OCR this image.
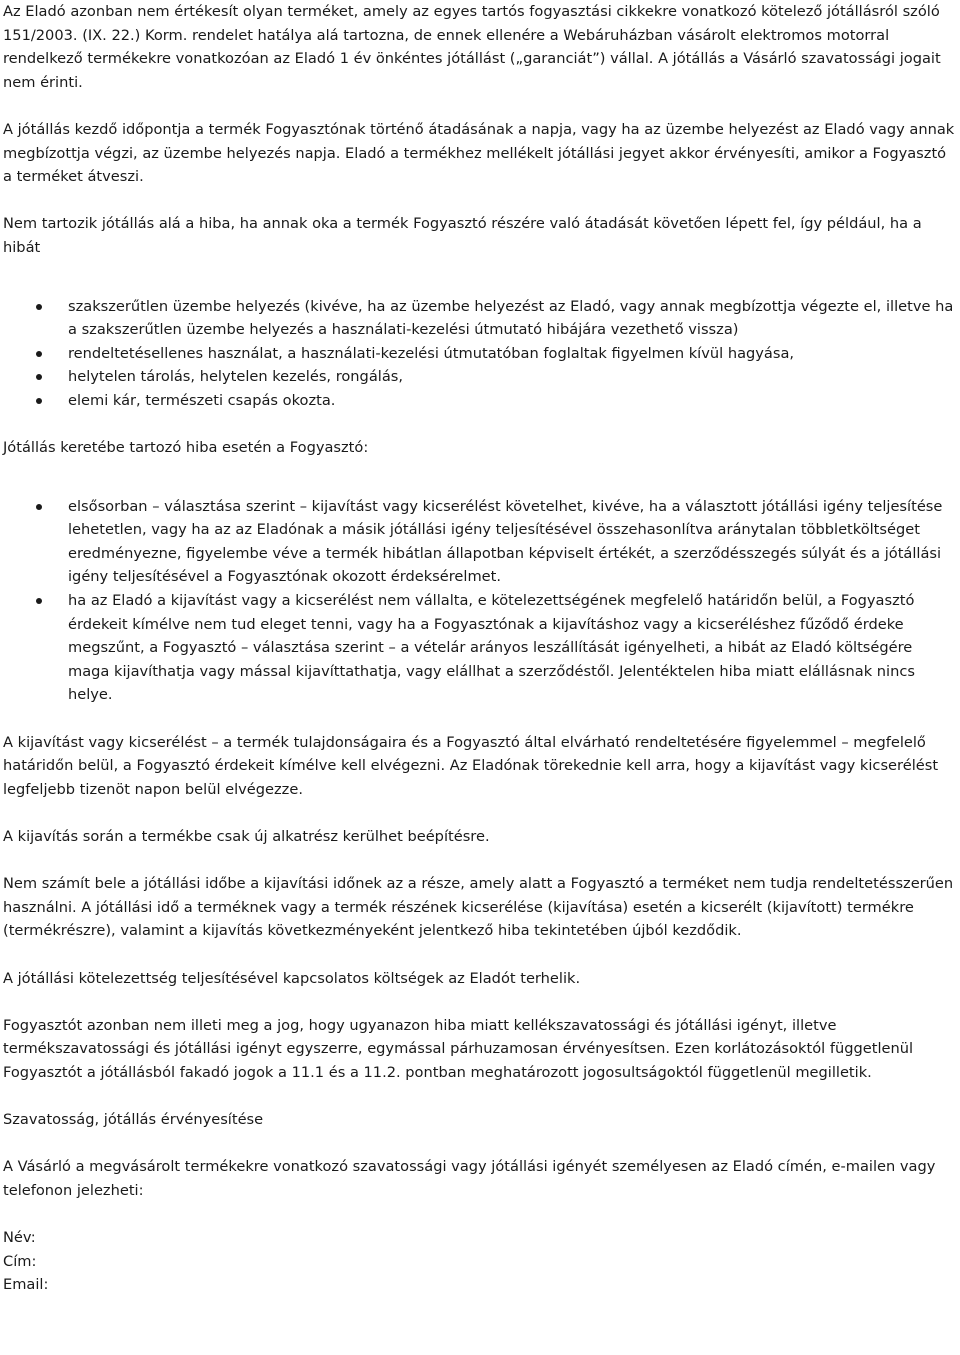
Az Eladó azonban nem értékesít olyan terméket, amely az egyes tartós fogyasztási cikkekre vonatkozó kötelező jótállásról szóló 151/2003. (IX. 22.) Korm. rendelet hatálya alá tartozna, de ennek ellenére a Webáruházban vásárolt elektromos motorral rendelkező termékekre vonatkozóan az Eladó 1 év önkéntes jótállást („garanciát”) vállal. A jótállás a Vásárló szavatossági jogait nem érinti.

A jótállás kezdő időpontja a termék Fogyasztónak történő átadásának a napja, vagy ha az üzembe helyezést az Eladó vagy annak megbízottja végzi, az üzembe helyezés napja. Eladó a termékhez mellékelt jótállási jegyet akkor érvényesíti, amikor a Fogyasztó a terméket átveszi.

Nem tartozik jótállás alá a hiba, ha annak oka a termék Fogyasztó részére való átadását követően lépett fel, így például, ha a hibát

szakszerűtlen üzembe helyezés (kivéve, ha az üzembe helyezést az Eladó, vagy annak megbízottja végezte el, illetve ha a szakszerűtlen üzembe helyezés a használati-kezelési útmutató hibájára vezethető vissza)
rendeltetésellenes használat, a használati-kezelési útmutatóban foglaltak figyelmen kívül hagyása,
helytelen tárolás, helytelen kezelés, rongálás,
elemi kár, természeti csapás okozta.

Jótállás keretébe tartozó hiba esetén a Fogyasztó:

elsősorban – választása szerint – kijavítást vagy kicserélést követelhet, kivéve, ha a választott jótállási igény teljesítése lehetetlen, vagy ha az az Eladónak a másik jótállási igény teljesítésével összehasonlítva aránytalan többletköltséget eredményezne, figyelembe véve a termék hibátlan állapotban képviselt értékét, a szerződésszegés súlyát és a jótállási igény teljesítésével a Fogyasztónak okozott érdeksérelmet.
ha az Eladó a kijavítást vagy a kicserélést nem vállalta, e kötelezettségének megfelelő határidőn belül, a Fogyasztó érdekeit kímélve nem tud eleget tenni, vagy ha a Fogyasztónak a kijavításhoz vagy a kicseréléshez fűződő érdeke megszűnt, a Fogyasztó – választása szerint – a vételár arányos leszállítását igényelheti, a hibát az Eladó költségére maga kijavíthatja vagy mással kijavíttathatja, vagy elállhat a szerződéstől. Jelentéktelen hiba miatt elállásnak nincs helye.

A kijavítást vagy kicserélést – a termék tulajdonságaira és a Fogyasztó által elvárható rendeltetésére figyelemmel – megfelelő határidőn belül, a Fogyasztó érdekeit kímélve kell elvégezni. Az Eladónak törekednie kell arra, hogy a kijavítást vagy kicserélést legfeljebb tizenöt napon belül elvégezze.

A kijavítás során a termékbe csak új alkatrész kerülhet beépítésre.

Nem számít bele a jótállási időbe a kijavítási időnek az a része, amely alatt a Fogyasztó a terméket nem tudja rendeltetésszerűen használni. A jótállási idő a terméknek vagy a termék részének kicserélése (kijavítása) esetén a kicserélt (kijavított) termékre (termékrészre), valamint a kijavítás következményeként jelentkező hiba tekintetében újból kezdődik.

A jótállási kötelezettség teljesítésével kapcsolatos költségek az Eladót terhelik.

Fogyasztót azonban nem illeti meg a jog, hogy ugyanazon hiba miatt kellékszavatossági és jótállási igényt, illetve termékszavatossági és jótállási igényt egyszerre, egymással párhuzamosan érvényesítsen. Ezen korlátozásoktól függetlenül Fogyasztót a jótállásból fakadó jogok a 11.1 és a 11.2. pontban meghatározott jogosultságoktól függetlenül megilletik.

Szavatosság, jótállás érvényesítése

A Vásárló a megvásárolt termékekre vonatkozó szavatossági vagy jótállási igényét személyesen az Eladó címén, e-mailen vagy telefonon jelezheti:

Név:

Cím:

Email:
